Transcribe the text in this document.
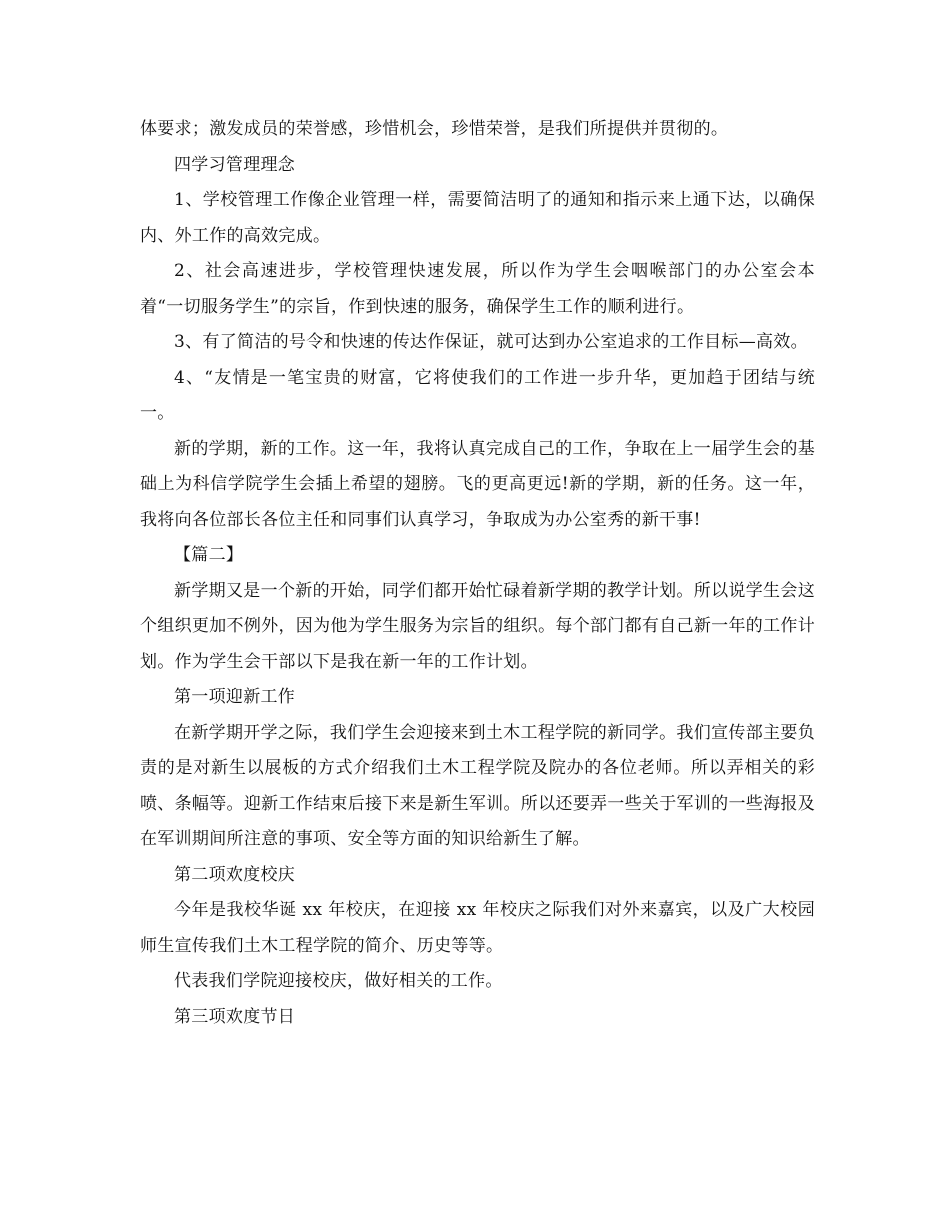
体要求；激发成员的荣誉感，珍惜机会，珍惜荣誉，是我们所提供并贯彻的。

四学习管理理念

1、学校管理工作像企业管理一样，需要简洁明了的通知和指示来上通下达，以确保内、外工作的高效完成。

2、社会高速进步，学校管理快速发展，所以作为学生会咽喉部门的办公室会本着“一切服务学生”的宗旨，作到快速的服务，确保学生工作的顺利进行。

3、有了简洁的号令和快速的传达作保证，就可达到办公室追求的工作目标—高效。

4、“友情是一笔宝贵的财富，它将使我们的工作进一步升华，更加趋于团结与统一。

新的学期，新的工作。这一年，我将认真完成自己的工作，争取在上一届学生会的基础上为科信学院学生会插上希望的翅膀。飞的更高更远!新的学期，新的任务。这一年，我将向各位部长各位主任和同事们认真学习，争取成为办公室秀的新干事!

【篇二】

新学期又是一个新的开始，同学们都开始忙碌着新学期的教学计划。所以说学生会这个组织更加不例外，因为他为学生服务为宗旨的组织。每个部门都有自己新一年的工作计划。作为学生会干部以下是我在新一年的工作计划。

第一项迎新工作

在新学期开学之际，我们学生会迎接来到土木工程学院的新同学。我们宣传部主要负责的是对新生以展板的方式介绍我们土木工程学院及院办的各位老师。所以弄相关的彩喷、条幅等。迎新工作结束后接下来是新生军训。所以还要弄一些关于军训的一些海报及在军训期间所注意的事项、安全等方面的知识给新生了解。

第二项欢度校庆

今年是我校华诞 xx 年校庆，在迎接 xx 年校庆之际我们对外来嘉宾，以及广大校园师生宣传我们土木工程学院的简介、历史等等。

代表我们学院迎接校庆，做好相关的工作。

第三项欢度节日
